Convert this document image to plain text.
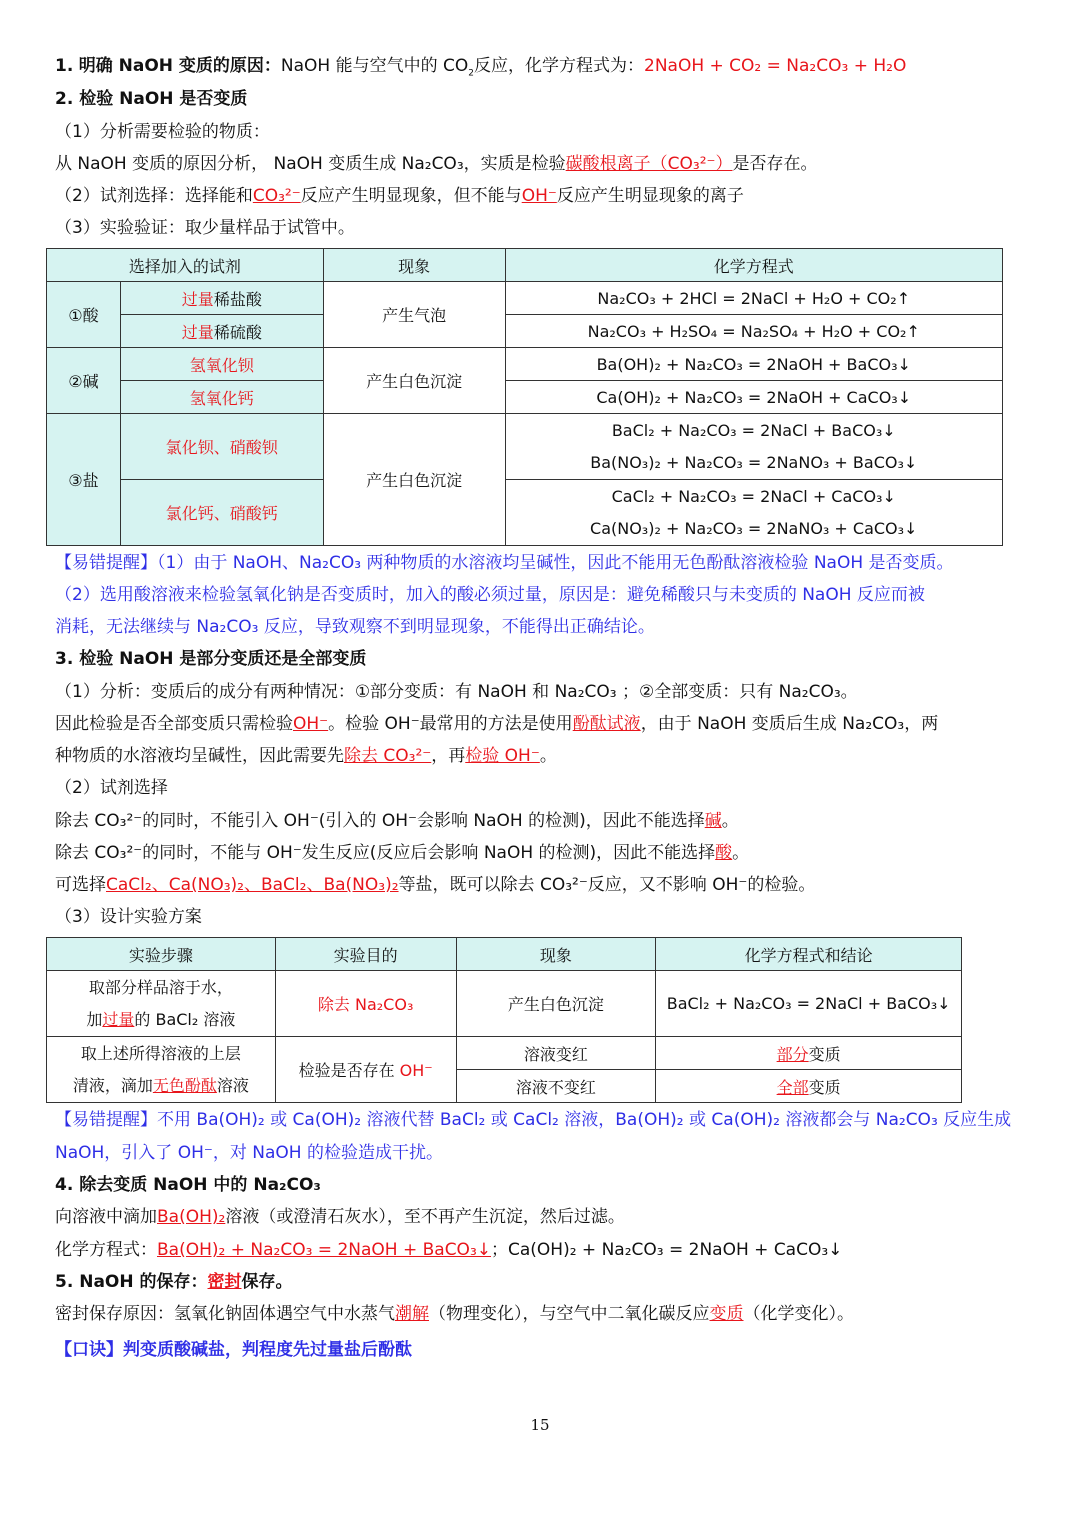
1. 明确 NaOH 变质的原因：NaOH 能与空气中的 $CO_2$反应，化学方程式为：2NaOH + CO₂ = Na₂CO₃ + H₂O
2. 检验 NaOH 是否变质
（1）分析需要检验的物质：
从 NaOH 变质的原因分析， NaOH 变质生成 Na₂CO₃，实质是检验碳酸根离子（CO₃²⁻）是否存在。
（2）试剂选择：选择能和CO₃²⁻反应产生明显现象，但不能与OH⁻反应产生明显现象的离子
（3）实验验证：取少量样品于试管中。
选择加入的试剂		现象	化学方程式
①酸	过量稀盐酸	产生气泡	Na₂CO₃ + 2HCl = 2NaCl + H₂O + CO₂↑
	过量稀硫酸		Na₂CO₃ + H₂SO₄ = Na₂SO₄ + H₂O + CO₂↑
②碱	氢氧化钡	产生白色沉淀	Ba(OH)₂ + Na₂CO₃ = 2NaOH + BaCO₃↓
	氢氧化钙		Ca(OH)₂ + Na₂CO₃ = 2NaOH + CaCO₃↓
③盐	氯化钡、硝酸钡	产生白色沉淀	BaCl₂ + Na₂CO₃ = 2NaCl + BaCO₃↓
			Ba(NO₃)₂ + Na₂CO₃ = 2NaNO₃ + BaCO₃↓
	氯化钙、硝酸钙		CaCl₂ + Na₂CO₃ = 2NaCl + CaCO₃↓
			Ca(NO₃)₂ + Na₂CO₃ = 2NaNO₃ + CaCO₃↓
【易错提醒】（1）由于 NaOH、Na₂CO₃ 两种物质的水溶液均呈碱性，因此不能用无色酚酞溶液检验 NaOH 是否变质。
（2）选用酸溶液来检验氢氧化钠是否变质时，加入的酸必须过量，原因是：避免稀酸只与未变质的 NaOH 反应而被
消耗，无法继续与 Na₂CO₃ 反应，导致观察不到明显现象，不能得出正确结论。
3. 检验 NaOH 是部分变质还是全部变质
（1）分析：变质后的成分有两种情况：①部分变质：有 NaOH 和 Na₂CO₃ ；②全部变质：只有 Na₂CO₃。
因此检验是否全部变质只需检验OH⁻。检验 OH⁻最常用的方法是使用酚酞试液，由于 NaOH 变质后生成 Na₂CO₃，两
种物质的水溶液均呈碱性，因此需要先除去 CO₃²⁻，再检验 OH⁻。
（2）试剂选择
除去 CO₃²⁻的同时，不能引入 OH⁻(引入的 OH⁻会影响 NaOH 的检测)，因此不能选择碱。
除去 CO₃²⁻的同时，不能与 OH⁻发生反应(反应后会影响 NaOH 的检测)，因此不能选择酸。
可选择CaCl₂、Ca(NO₃)₂、BaCl₂、Ba(NO₃)₂等盐，既可以除去 CO₃²⁻反应，又不影响 OH⁻的检验。
（3）设计实验方案
实验步骤	实验目的	现象	化学方程式和结论

取部分样品溶于水，
加过量的 BaCl₂ 溶液	除去 Na₂CO₃	产生白色沉淀	BaCl₂ + Na₂CO₃ = 2NaCl + BaCO₃↓

取上述所得溶液的上层
清液，滴加无色酚酞溶液	检验是否存在 OH⁻	溶液变红	部分变质
		溶液不变红	全部变质
【易错提醒】不用 Ba(OH)₂ 或 Ca(OH)₂ 溶液代替 BaCl₂ 或 CaCl₂ 溶液，Ba(OH)₂ 或 Ca(OH)₂ 溶液都会与 Na₂CO₃ 反应生成
NaOH，引入了 OH⁻，对 NaOH 的检验造成干扰。
4. 除去变质 NaOH 中的 Na₂CO₃
向溶液中滴加Ba(OH)₂溶液（或澄清石灰水），至不再产生沉淀，然后过滤。
化学方程式：Ba(OH)₂ + Na₂CO₃ = 2NaOH + BaCO₃↓；Ca(OH)₂ + Na₂CO₃ = 2NaOH + CaCO₃↓
5. NaOH 的保存：密封保存。
密封保存原因：氢氧化钠固体遇空气中水蒸气潮解（物理变化），与空气中二氧化碳反应变质（化学变化）。
【口诀】判变质酸碱盐，判程度先过量盐后酚酞
15
